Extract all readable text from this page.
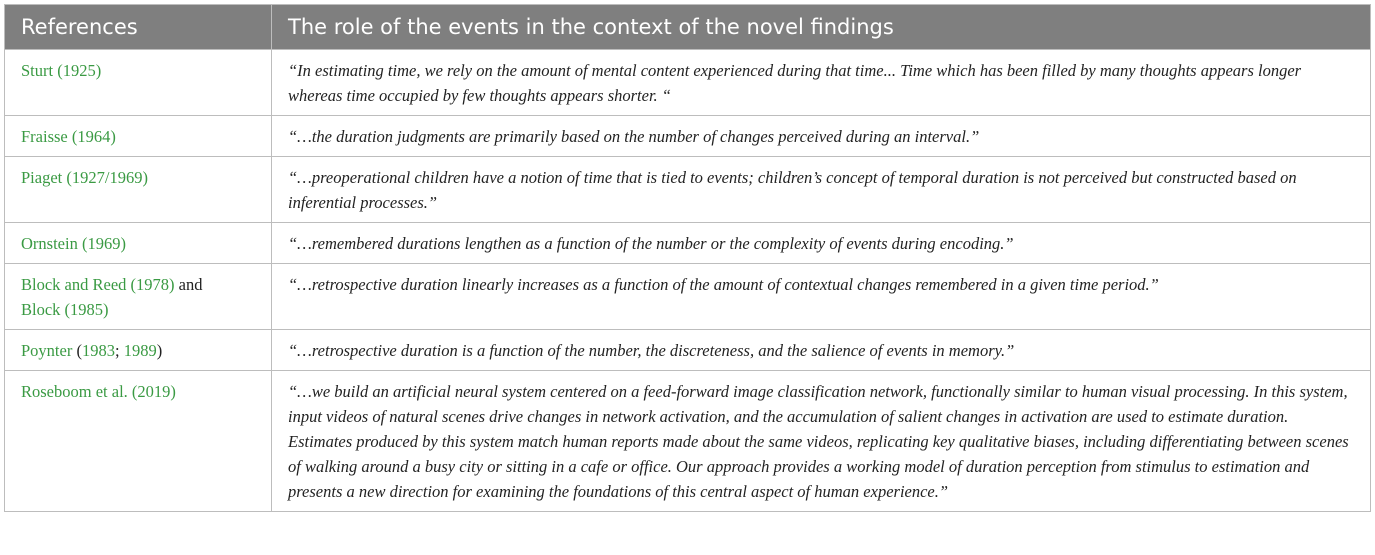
References	The role of the events in the context of the novel findings
Sturt (1925)	“In estimating time, we rely on the amount of mental content experienced during that time... Time which has been filled by many thoughts appears longer whereas time occupied by few thoughts appears shorter. “
Fraisse (1964)	“…the duration judgments are primarily based on the number of changes perceived during an interval.”
Piaget (1927/1969)	“…preoperational children have a notion of time that is tied to events; children’s concept of temporal duration is not perceived but constructed based on inferential processes.”
Ornstein (1969)	“…remembered durations lengthen as a function of the number or the complexity of events during encoding.”
Block and Reed (1978) and
Block (1985)	“…retrospective duration linearly increases as a function of the amount of contextual changes remembered in a given time period.”
Poynter (1983; 1989)	“…retrospective duration is a function of the number, the discreteness, and the salience of events in memory.”
Roseboom et al. (2019)	“…we build an artificial neural system centered on a feed-forward image classification network, functionally similar to human visual processing. In this system, input videos of natural scenes drive changes in network activation, and the accumulation of salient changes in activation are used to estimate duration. Estimates produced by this system match human reports made about the same videos, replicating key qualitative biases, including differentiating between scenes of walking around a busy city or sitting in a cafe or office. Our approach provides a working model of duration perception from stimulus to estimation and presents a new direction for examining the foundations of this central aspect of human experience.”
